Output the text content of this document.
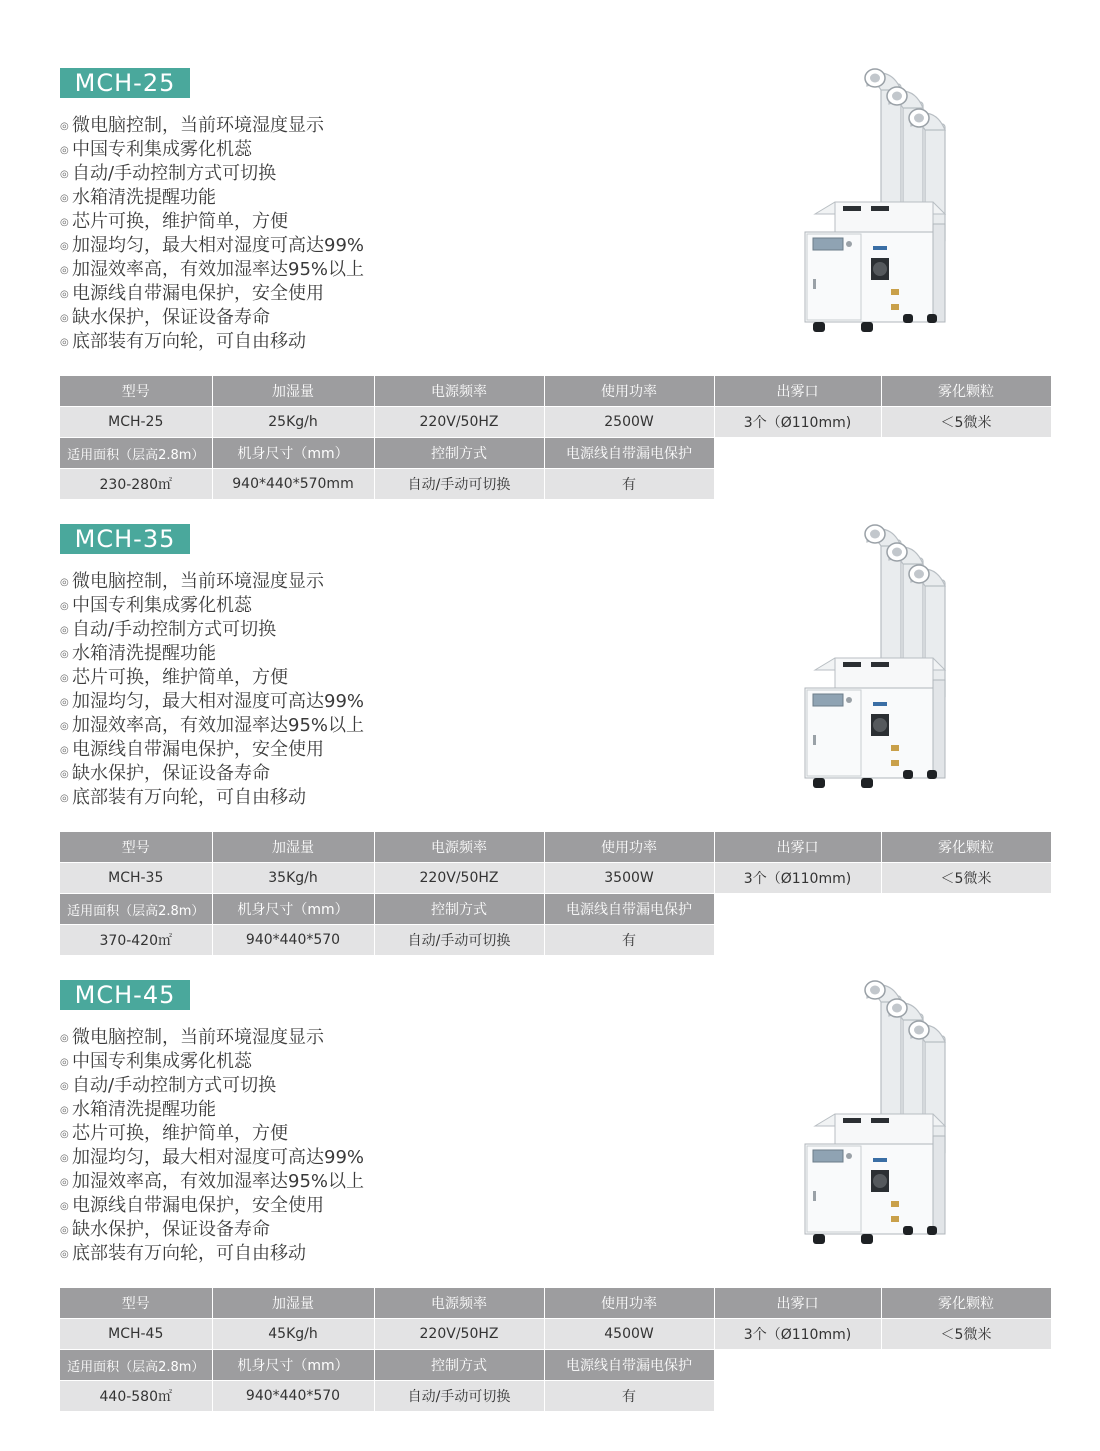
MCH-25
◎ 微电脑控制，当前环境湿度显示
◎ 中国专利集成雾化机蕊
◎ 自动/手动控制方式可切换
◎ 水箱清洗提醒功能
◎ 芯片可换，维护简单，方便
◎ 加湿均匀，最大相对湿度可高达99%
◎ 加湿效率高，有效加湿率达95%以上
◎ 电源线自带漏电保护，安全使用
◎ 缺水保护，保证设备寿命
◎ 底部装有万向轮，可自由移动
型号	加湿量	电源频率	使用功率	出雾口	雾化颗粒
MCH-25	25Kg/h	220V/50HZ	2500W	3个（Ø110mm)	＜5微米
适用面积（层高2.8m）	机身尺寸（mm）	控制方式	电源线自带漏电保护		
230-280㎡	940*440*570mm	自动/手动可切换	有		
MCH-35
◎ 微电脑控制，当前环境湿度显示
◎ 中国专利集成雾化机蕊
◎ 自动/手动控制方式可切换
◎ 水箱清洗提醒功能
◎ 芯片可换，维护简单，方便
◎ 加湿均匀，最大相对湿度可高达99%
◎ 加湿效率高，有效加湿率达95%以上
◎ 电源线自带漏电保护，安全使用
◎ 缺水保护，保证设备寿命
◎ 底部装有万向轮，可自由移动
型号	加湿量	电源频率	使用功率	出雾口	雾化颗粒
MCH-35	35Kg/h	220V/50HZ	3500W	3个（Ø110mm)	＜5微米
适用面积（层高2.8m）	机身尺寸（mm）	控制方式	电源线自带漏电保护		
370-420㎡	940*440*570	自动/手动可切换	有		
MCH-45
◎ 微电脑控制，当前环境湿度显示
◎ 中国专利集成雾化机蕊
◎ 自动/手动控制方式可切换
◎ 水箱清洗提醒功能
◎ 芯片可换，维护简单，方便
◎ 加湿均匀，最大相对湿度可高达99%
◎ 加湿效率高，有效加湿率达95%以上
◎ 电源线自带漏电保护，安全使用
◎ 缺水保护，保证设备寿命
◎ 底部装有万向轮，可自由移动
型号	加湿量	电源频率	使用功率	出雾口	雾化颗粒
MCH-45	45Kg/h	220V/50HZ	4500W	3个（Ø110mm)	＜5微米
适用面积（层高2.8m）	机身尺寸（mm）	控制方式	电源线自带漏电保护		
440-580㎡	940*440*570	自动/手动可切换	有		
